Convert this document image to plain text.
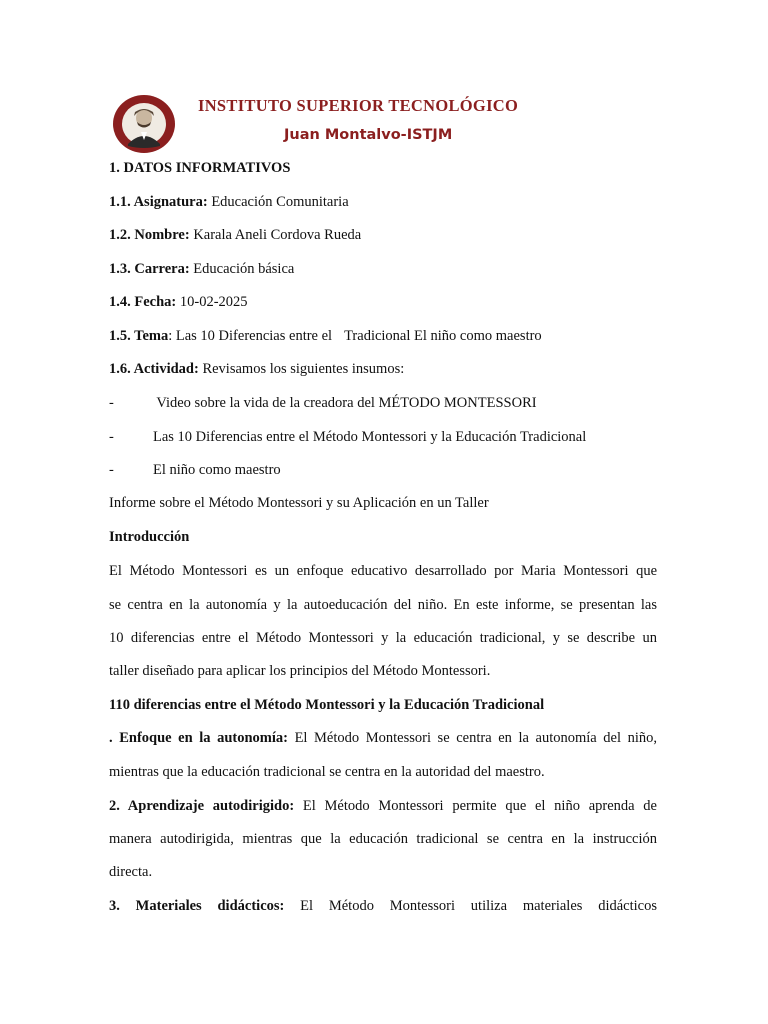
INSTITUTO SUPERIOR TECNOLÓGICO
Juan Montalvo-ISTJM
1. DATOS INFORMATIVOS
1.1. Asignatura: Educación Comunitaria
1.2. Nombre: Karala Aneli Cordova Rueda
1.3. Carrera: Educación básica
1.4. Fecha: 10-02-2025
1.5. Tema: Las 10 Diferencias entre el Tradicional El niño como maestro
1.6. Actividad: Revisamos los siguientes insumos:
-	Video sobre la vida de la creadora del MÉTODO MONTESSORI
-	Las 10 Diferencias entre el Método Montessori y la Educación Tradicional
-	El niño como maestro
Informe sobre el Método Montessori y su Aplicación en un Taller
Introducción
El Método Montessori es un enfoque educativo desarrollado por Maria Montessori que
se centra en la autonomía y la autoeducación del niño. En este informe, se presentan las
10 diferencias entre el Método Montessori y la educación tradicional, y se describe un
taller diseñado para aplicar los principios del Método Montessori.
110 diferencias entre el Método Montessori y la Educación Tradicional
. Enfoque en la autonomía: El Método Montessori se centra en la autonomía del niño,
mientras que la educación tradicional se centra en la autoridad del maestro.
2. Aprendizaje autodirigido: El Método Montessori permite que el niño aprenda de
manera autodirigida, mientras que la educación tradicional se centra en la instrucción
directa.
3. Materiales didácticos: El Método Montessori utiliza materiales didácticos
